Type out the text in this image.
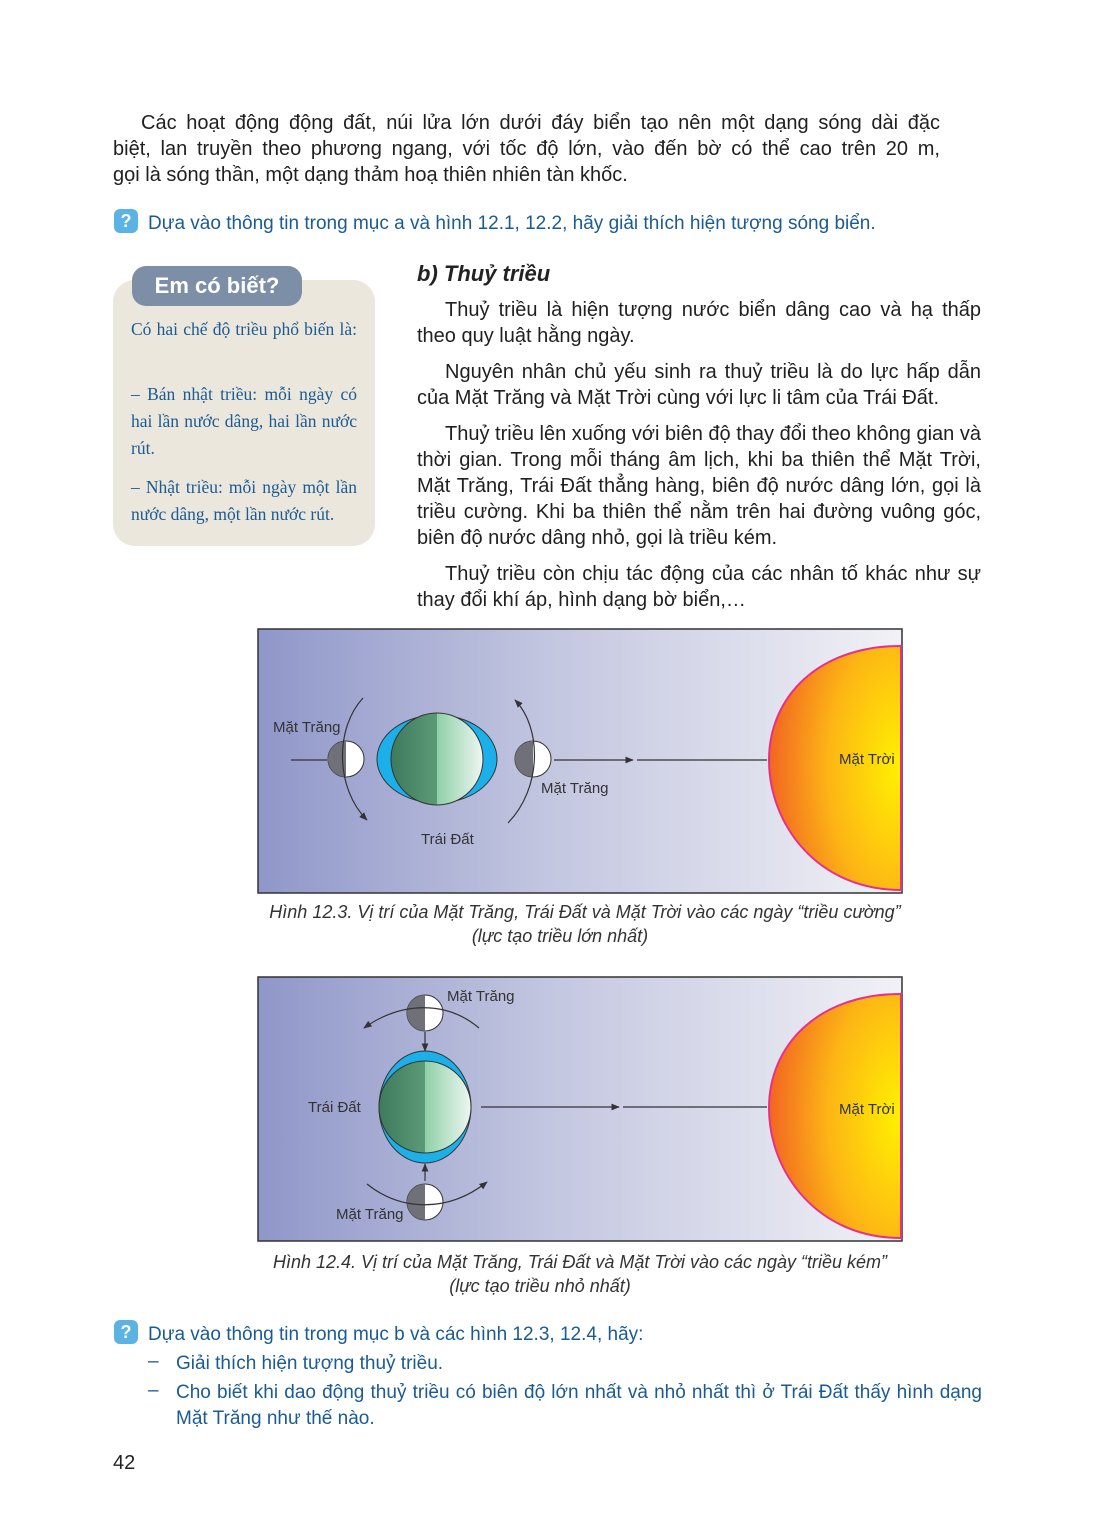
Các hoạt động động đất, núi lửa lớn dưới đáy biển tạo nên một dạng sóng dài đặc
biệt, lan truyền theo phương ngang, với tốc độ lớn, vào đến bờ có thể cao trên 20 m,
gọi là sóng thần, một dạng thảm hoạ thiên nhiên tàn khốc.
? Dựa vào thông tin trong mục a và hình 12.1, 12.2, hãy giải thích hiện tượng sóng biển.
Em có biết?
Có hai chế độ triều phổ biến là:
– Bán nhật triều: mỗi ngày có hai lần nước dâng, hai lần nước rút.
– Nhật triều: mỗi ngày một lần nước dâng, một lần nước rút.
b) Thuỷ triều
Thuỷ triều là hiện tượng nước biển dâng cao và hạ thấp theo quy luật hằng ngày.
Nguyên nhân chủ yếu sinh ra thuỷ triều là do lực hấp dẫn của Mặt Trăng và Mặt Trời cùng với lực li tâm của Trái Đất.
Thuỷ triều lên xuống với biên độ thay đổi theo không gian và thời gian. Trong mỗi tháng âm lịch, khi ba thiên thể Mặt Trời, Mặt Trăng, Trái Đất thẳng hàng, biên độ nước dâng lớn, gọi là triều cường. Khi ba thiên thể nằm trên hai đường vuông góc, biên độ nước dâng nhỏ, gọi là triều kém.
Thuỷ triều còn chịu tác động của các nhân tố khác như sự thay đổi khí áp, hình dạng bờ biển,…
Mặt Trăng
Mặt Trăng
Trái Đất
Mặt Trời
Hình 12.3. Vị trí của Mặt Trăng, Trái Đất và Mặt Trời vào các ngày “triều cường”
(lực tạo triều lớn nhất)
Mặt Trăng
Mặt Trăng
Trái Đất	Mặt Trời
Hình 12.4. Vị trí của Mặt Trăng, Trái Đất và Mặt Trời vào các ngày “triều kém”
(lực tạo triều nhỏ nhất)
? Dựa vào thông tin trong mục b và các hình 12.3, 12.4, hãy:
– Giải thích hiện tượng thuỷ triều.
– Cho biết khi dao động thuỷ triều có biên độ lớn nhất và nhỏ nhất thì ở Trái Đất thấy hình dạng Mặt Trăng như thế nào.
42
